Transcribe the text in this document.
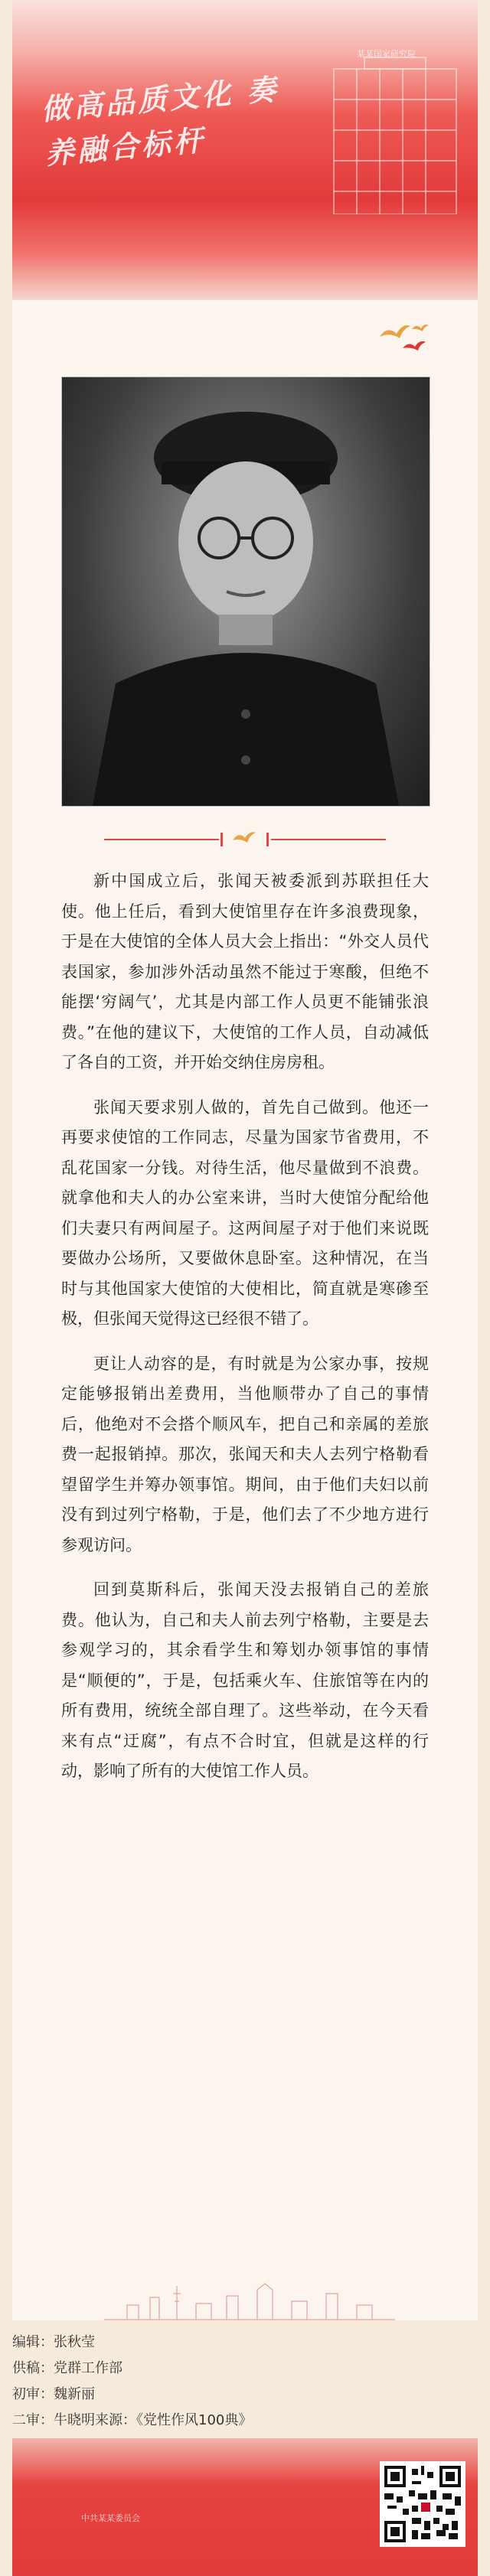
做高品质文化 奏养融合标杆
某某国家研究院

新中国成立后，张闻天被委派到苏联担任大使。他上任后，看到大使馆里存在许多浪费现象，于是在大使馆的全体人员大会上指出：“外交人员代表国家，参加涉外活动虽然不能过于寒酸，但绝不能摆‘穷阔气’，尤其是内部工作人员更不能铺张浪费。”在他的建议下，大使馆的工作人员，自动减低了各自的工资，并开始交纳住房房租。

张闻天要求别人做的，首先自己做到。他还一再要求使馆的工作同志，尽量为国家节省费用，不乱花国家一分钱。对待生活，他尽量做到不浪费。就拿他和夫人的办公室来讲，当时大使馆分配给他们夫妻只有两间屋子。这两间屋子对于他们来说既要做办公场所，又要做休息卧室。这种情况，在当时与其他国家大使馆的大使相比，简直就是寒碜至极，但张闻天觉得这已经很不错了。

更让人动容的是，有时就是为公家办事，按规定能够报销出差费用，当他顺带办了自己的事情后，他绝对不会搭个顺风车，把自己和亲属的差旅费一起报销掉。那次，张闻天和夫人去列宁格勒看望留学生并筹办领事馆。期间，由于他们夫妇以前没有到过列宁格勒，于是，他们去了不少地方进行参观访问。

回到莫斯科后，张闻天没去报销自己的差旅费。他认为，自己和夫人前去列宁格勒，主要是去参观学习的，其余看学生和筹划办领事馆的事情是“顺便的”，于是，包括乘火车、住旅馆等在内的所有费用，统统全部自理了。这些举动，在今天看来有点“迂腐”，有点不合时宜，但就是这样的行动，影响了所有的大使馆工作人员。

编辑：张秋莹
供稿：党群工作部
初审：魏新丽
二审：牛晓明来源：《党性作风100典》
中共某某委员会
